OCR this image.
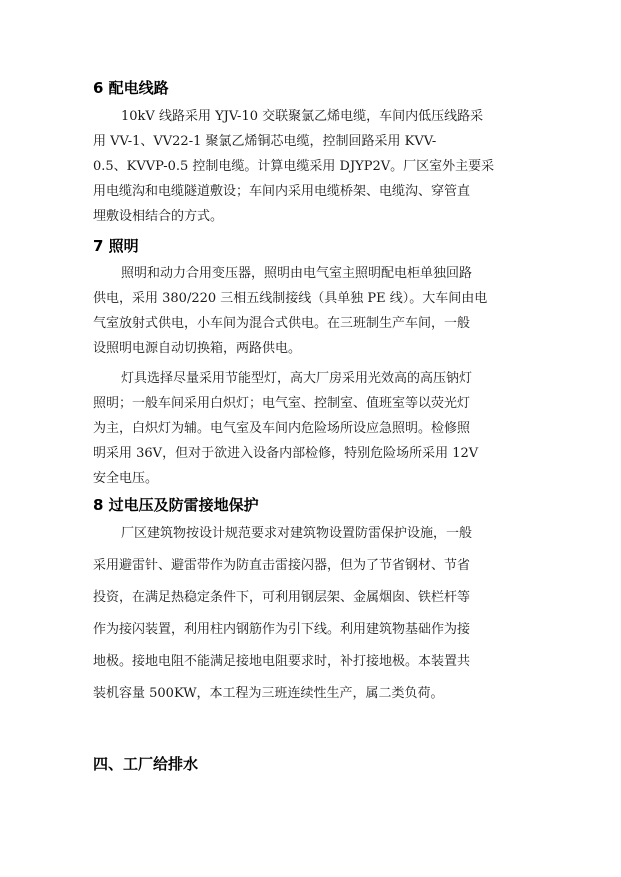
6 配电线路
10kV 线路采用 YJV-10 交联聚氯乙烯电缆，车间内低压线路采
用 VV-1、VV22-1 聚氯乙烯铜芯电缆，控制回路采用 KVV-
0.5、KVVP-0.5 控制电缆。计算电缆采用 DJYP2V。厂区室外主要采
用电缆沟和电缆隧道敷设；车间内采用电缆桥架、电缆沟、穿管直
埋敷设相结合的方式。
7 照明
照明和动力合用变压器，照明由电气室主照明配电柜单独回路
供电，采用 380/220 三相五线制接线（具单独 PE 线）。大车间由电
气室放射式供电，小车间为混合式供电。在三班制生产车间，一般
设照明电源自动切换箱，两路供电。
灯具选择尽量采用节能型灯，高大厂房采用光效高的高压钠灯
照明；一般车间采用白炽灯；电气室、控制室、值班室等以荧光灯
为主，白炽灯为辅。电气室及车间内危险场所设应急照明。检修照
明采用 36V，但对于欲进入设备内部检修，特别危险场所采用 12V
安全电压。
8 过电压及防雷接地保护
厂区建筑物按设计规范要求对建筑物设置防雷保护设施，一般
采用避雷针、避雷带作为防直击雷接闪器，但为了节省钢材、节省
投资，在满足热稳定条件下，可利用钢层架、金属烟囱、铁栏杆等
作为接闪装置，利用柱内钢筋作为引下线。利用建筑物基础作为接
地极。接地电阻不能满足接地电阻要求时，补打接地极。本装置共
装机容量 500KW，本工程为三班连续性生产，属二类负荷。
四、工厂给排水
